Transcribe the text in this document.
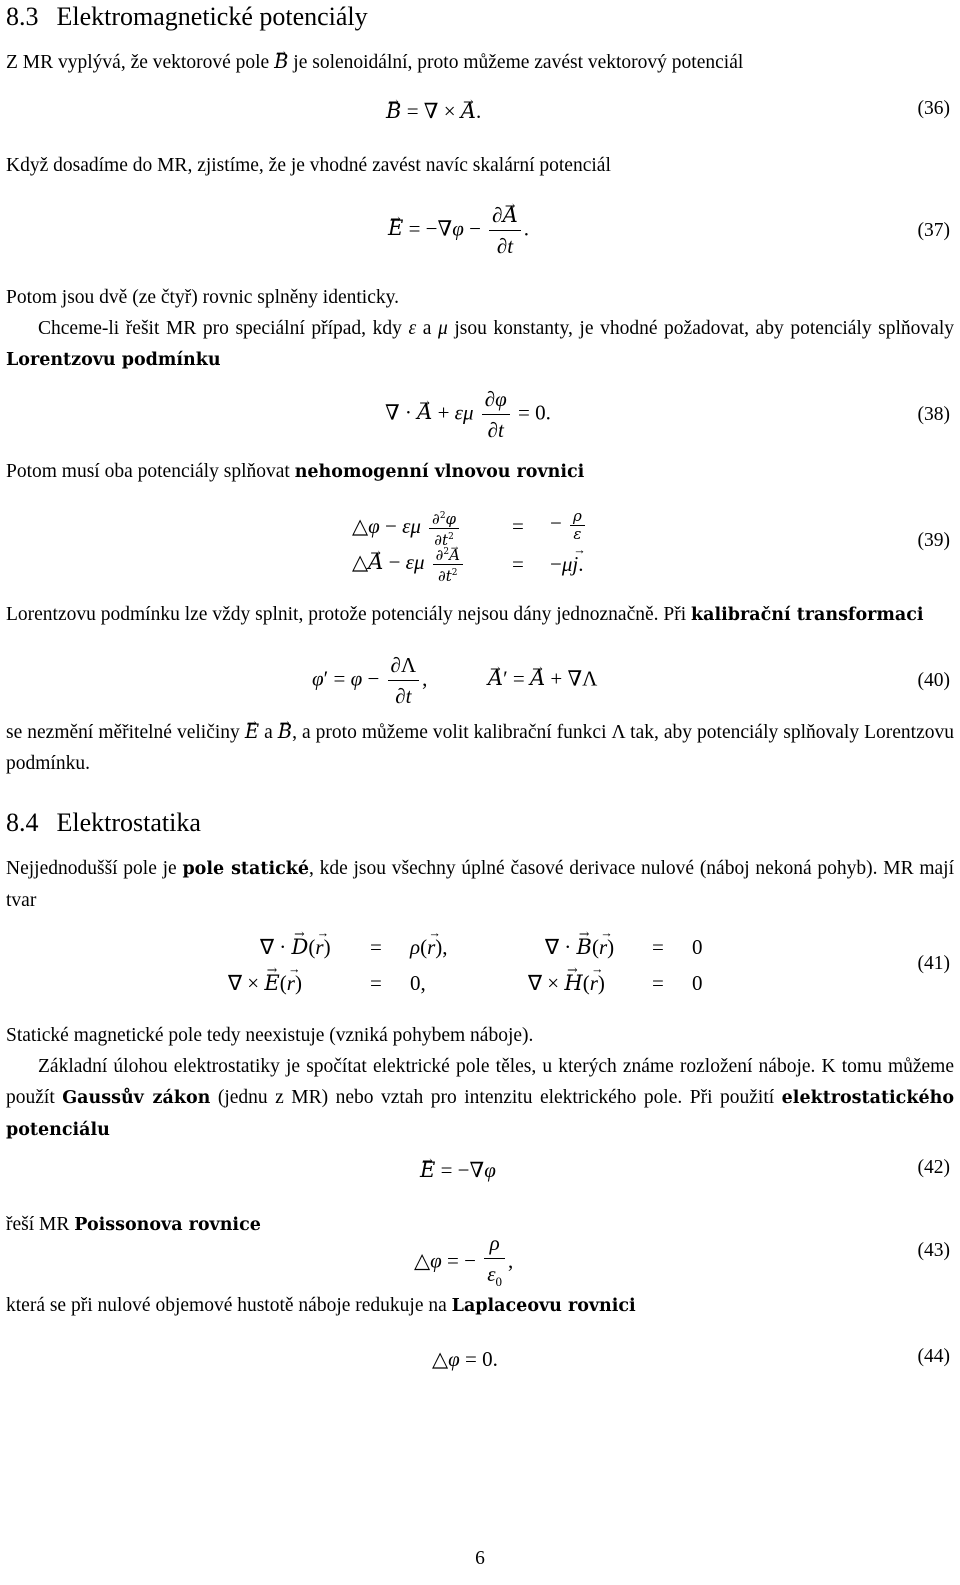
8.3 Elektromagnetické potenciály

Z MR vyplývá, že vektorové pole B → je solenoidální, proto můžeme zavést vektorový potenciál

B → = ∇ × A →.	(36)

Když dosadíme do MR, zjistíme, že je vhodné zavést navíc skalární potenciál

E → = $-\nabla\varphi - \frac{\partial A \to}{\partial t}$ .	(37)

Potom jsou dvě (ze čtyř) rovnic splněny identicky.

Chceme-li řešit MR pro speciální případ, kdy ε a μ jsou konstanty, je vhodné požadovat, aby potenciály splňovaly Lorentzovu podmínku

∇ · A → + εμ $\frac{\partial\varphi}{\partial t} = 0$.	(38)

Potom musí oba potenciály splňovat nehomogenní vlnovou rovnici

△φ − εμ $\frac{\partial^2\varphi}{\partial t^2}$	= − $\frac{\rho}{\varepsilon}$
△A → − εμ $\frac{\partial^2A \to}{\partial t^2} = -\mu j$ →.
(39)

Lorentzovu podmínku lze vždy splnit, protože potenciály nejsou dány jednoznačně. Při kalibrační transformaci

$\varphi' = \varphi - \frac{\partial\Lambda}{\partial t}$ ,	A →′ = A → + ∇Λ	(40)

se nezmění měřitelné veličiny E → a B →, a proto můžeme volit kalibrační funkci Λ tak, aby potenciály splňovaly Lorentzovu podmínku.

8.4 Elektrostatika

Nejjednodušší pole je pole statické, kde jsou všechny úplné časové derivace nulové (náboj nekoná pohyb). MR mají tvar

∇ · D →(r →) = ρ(r →),	∇ · B →(r →) = 0
∇ × E →(r →)	= 0,	∇ × H →(r →) = 0
(41)

Statické magnetické pole tedy neexistuje (vzniká pohybem náboje).

Základní úlohou elektrostatiky je spočítat elektrické pole těles, u kterých známe rozložení náboje. K tomu můžeme použít Gaussův zákon (jednu z MR) nebo vztah pro intenzitu elektrického pole. Při použití elektrostatického potenciálu

E → = −∇φ	(42)

řeší MR Poissonova rovnice

△φ = − $\frac{\rho}{\varepsilon_0}$ ,	(43)

která se při nulové objemové hustotě náboje redukuje na Laplaceovu rovnici

△φ = 0.	(44)
6
